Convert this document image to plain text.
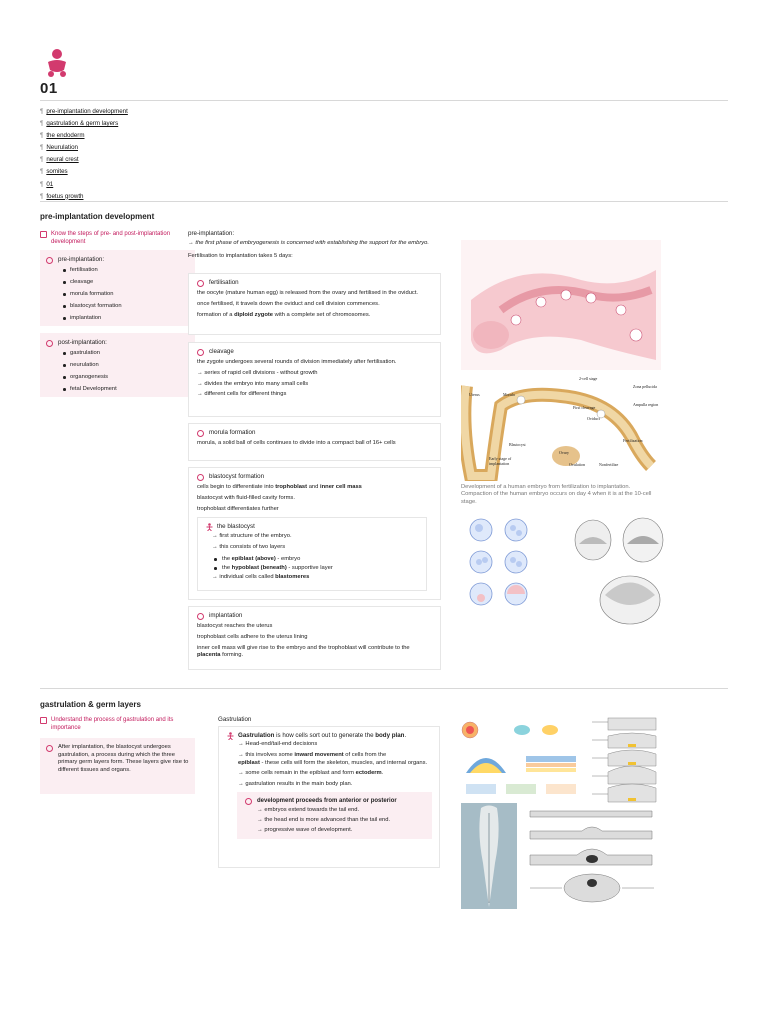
01
¶ pre-implantation development
¶ gastrulation & germ layers
¶ the endoderm
¶ Neurulation
¶ neural crest
¶ somites
¶ 01
¶ foetus growth
pre-implantation development
Know the steps of pre- and post-implantation development
pre-implantation:
fertilisation
cleavage
morula formation
blastocyst formation
implantation
post-implantation:
gastrulation
neurulation
organogenesis
fetal Development
pre-implantation:
→ the first phase of embryogenesis is concerned with establishing the support for the embryo.
Fertilisation to implantation takes 5 days:
fertilisation

the oocyte (mature human egg) is released from the ovary and fertilised in the oviduct.

once fertilised, it travels down the oviduct and cell division commences.

formation of a diploid zygote with a complete set of chromosomes.

cleavage

the zygote undergoes several rounds of division immediately after fertilisation.

→ series of rapid cell divisions - without growth

→ divides the embryo into many small cells

→ different cells for different things

morula formation

morula, a solid ball of cells continues to divide into a compact ball of 16+ cells

blastocyst formation

cells begin to differentiate into trophoblast and inner cell mass

blastocyst with fluid-filled cavity forms.

trophoblast differentiates further

the blastocyst

→ first structure of the embryo.

→ this consists of two layers

the epiblast (above) - embryo
the hypoblast (beneath) - supportive layer

→ individual cells called blastomeres

implantation

blastocyst reaches the uterus

trophoblast cells adhere to the uterus lining

inner cell mass will give rise to the embryo and the trophoblast will contribute to the placenta forming.

2-cell stage
Zona pellucida
Uterus	Morula
Ampulla region
First cleavage
Oviduct
Blastocyst
Fertilization
Early stage of implantation
Ovary
Ovulation	Nonfertilize
Development of a human embryo from fertilization to implantation. Compaction of the human embryo occurs on day 4 when it is at the 10-cell stage.
gastrulation & germ layers
Understand the process of gastrulation and its importance
After implantation, the blastocyst undergoes gastrulation, a process during which the three primary germ layers form. These layers give rise to different tissues and organs.
Gastrulation
Gastrulation is how cells sort out to generate the body plan.

→ Head-end/tail-end decisions

→ this involves some inward movement of cells from the

epiblast - these cells will form the skeleton, muscles, and internal organs.

→ some cells remain in the epiblast and form ectoderm.

→ gastrulation results in the main body plan.

development proceeds from anterior or posterior

→ embryos extend towards the tail end.

→ the head end is more advanced than the tail end.

→ progressive wave of development.
